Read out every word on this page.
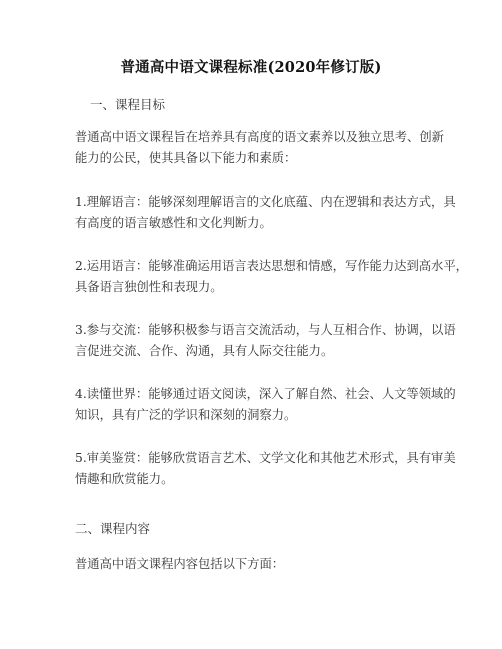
普通高中语文课程标准(2020年修订版)
一、课程目标
普通高中语文课程旨在培养具有高度的语文素养以及独立思考、创新
能力的公民，使其具备以下能力和素质：
1.理解语言：能够深刻理解语言的文化底蕴、内在逻辑和表达方式，具
有高度的语言敏感性和文化判断力。
2.运用语言：能够准确运用语言表达思想和情感，写作能力达到高水平，
具备语言独创性和表现力。
3.参与交流：能够积极参与语言交流活动，与人互相合作、协调，以语
言促进交流、合作、沟通，具有人际交往能力。
4.读懂世界：能够通过语文阅读，深入了解自然、社会、人文等领域的
知识，具有广泛的学识和深刻的洞察力。
5.审美鉴赏：能够欣赏语言艺术、文学文化和其他艺术形式，具有审美
情趣和欣赏能力。
二、课程内容
普通高中语文课程内容包括以下方面：
